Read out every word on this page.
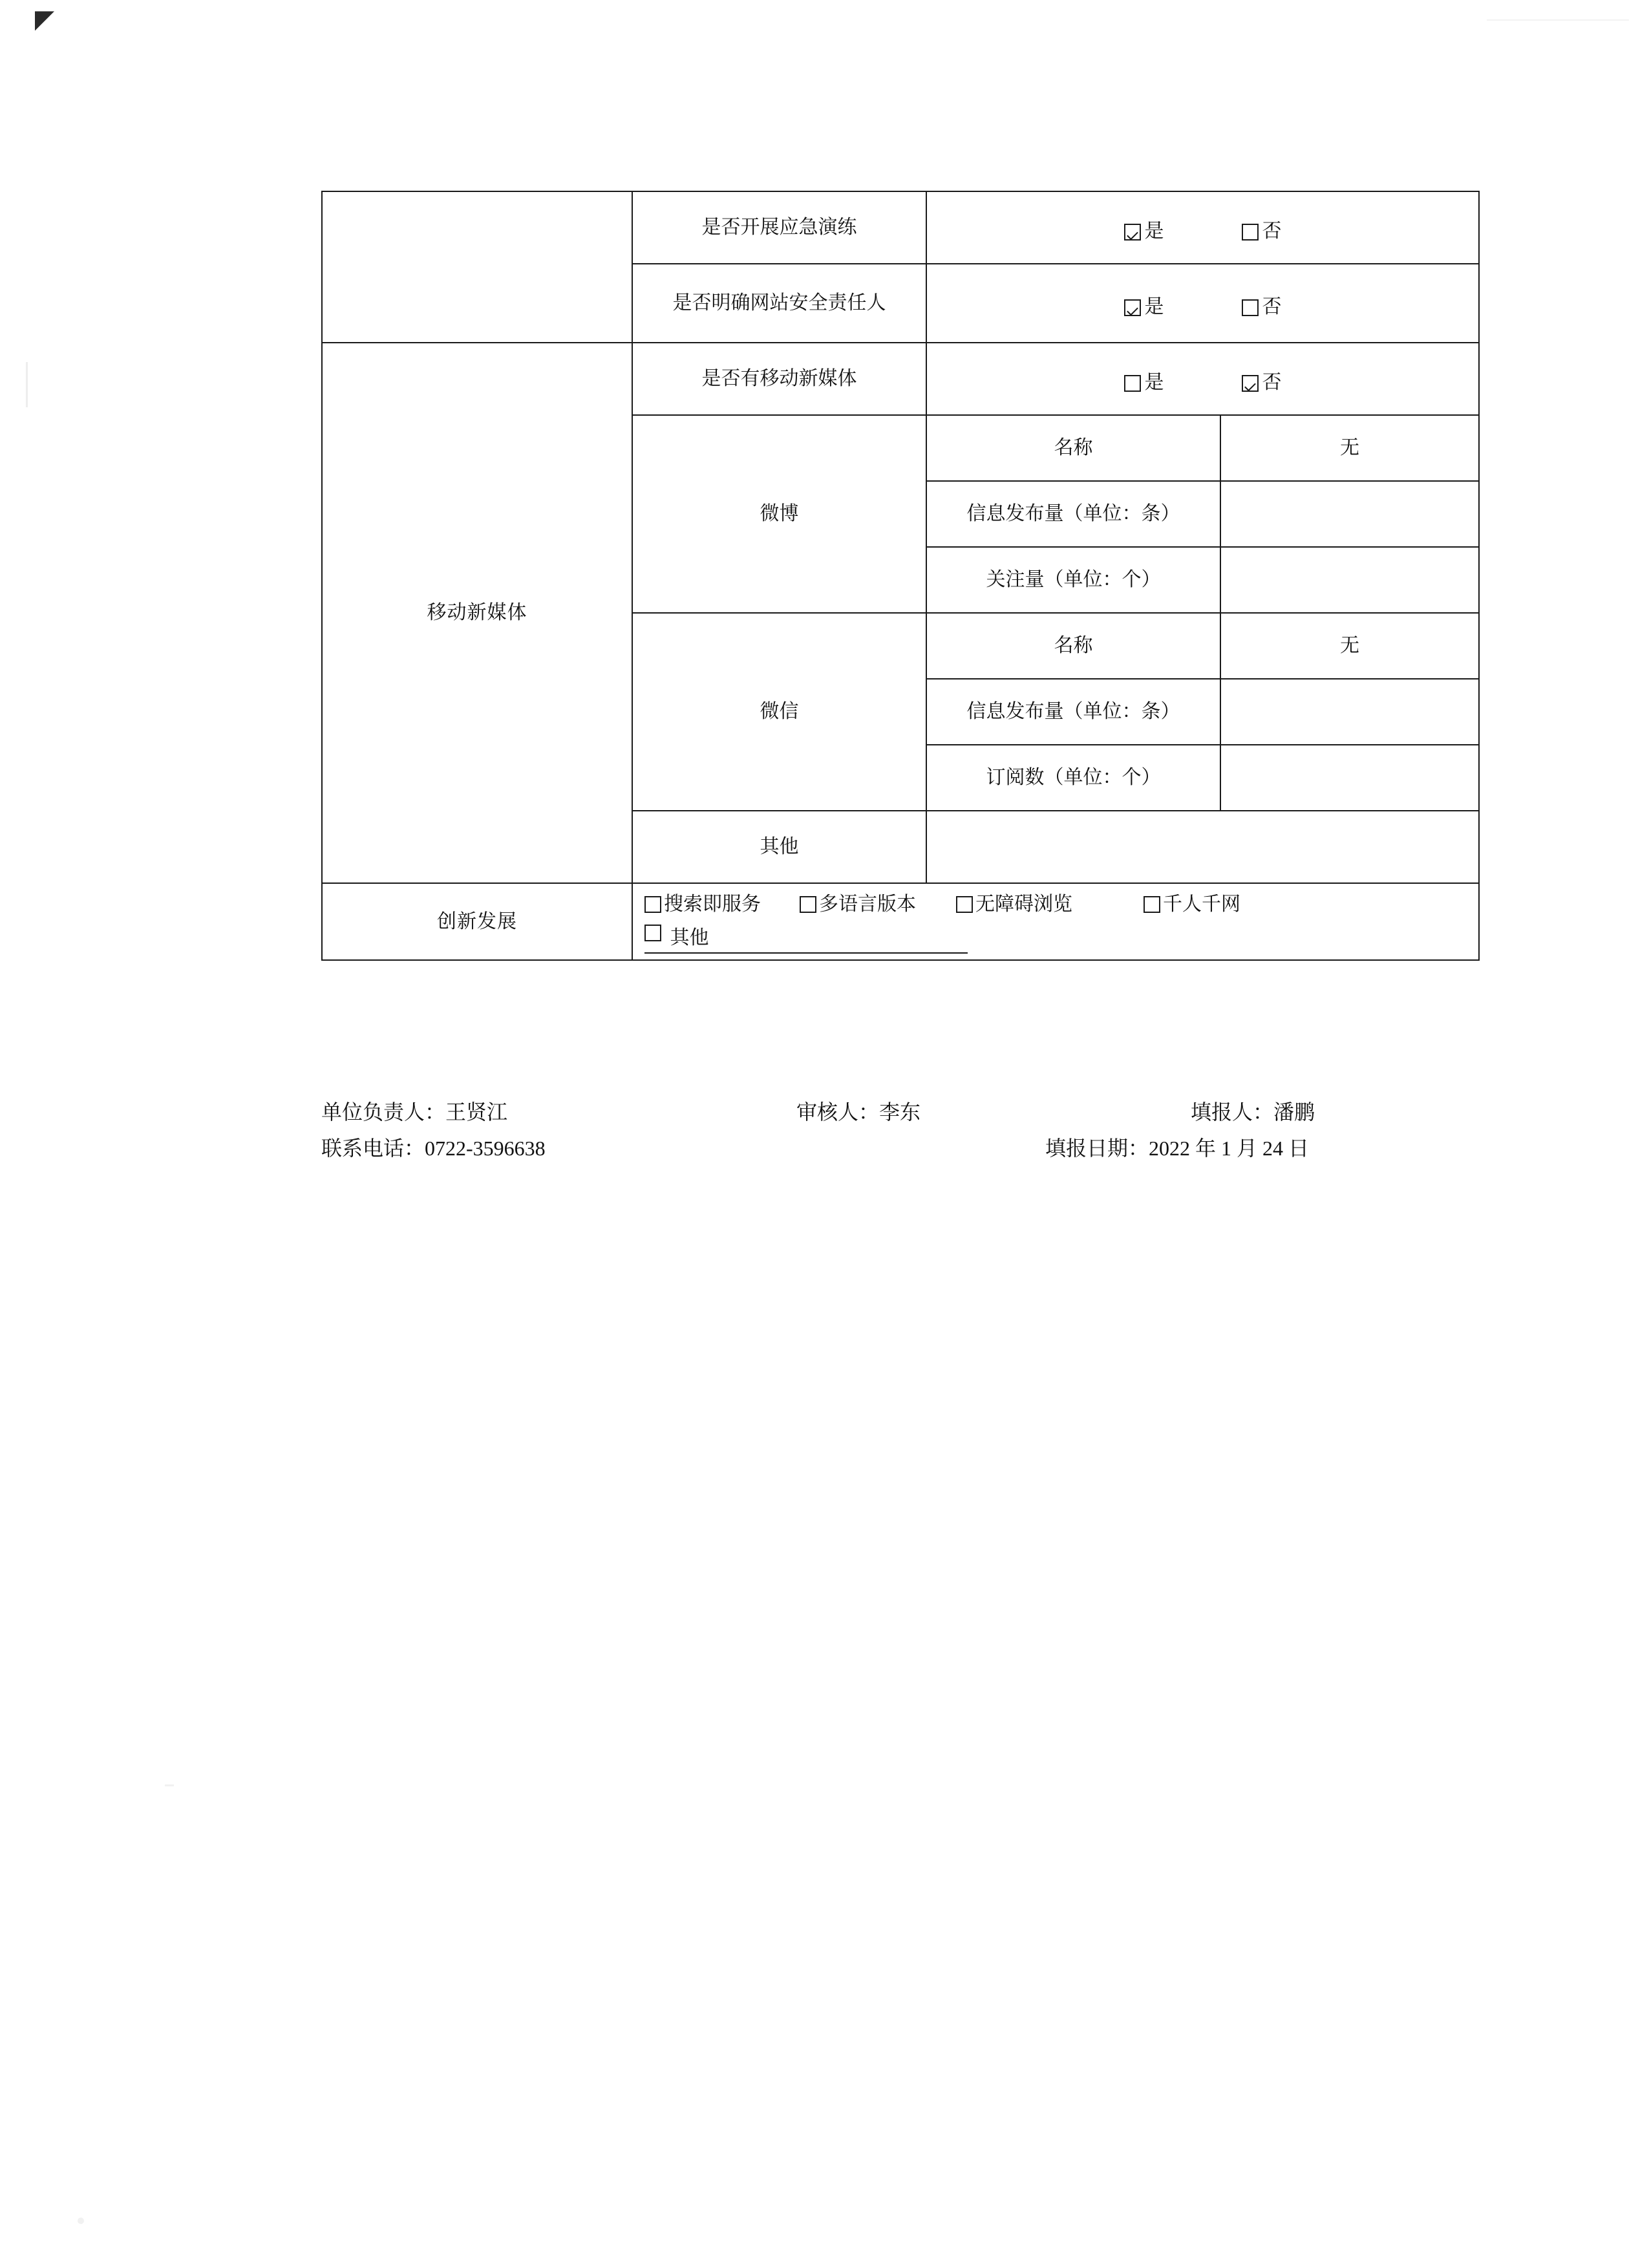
◤
	是否开展应急演练	是 否	

	是否明确网站安全责任人	是 否	

移动新媒体	是否有移动新媒体	是 否	

	微博	名称	无
		信息发布量（单位：条）	
		关注量（单位：个）	
	微信	名称	无
		信息发布量（单位：条）	
		订阅数（单位：个）	
	其他		
创新发展	搜索即服务 多语言版本 无障碍浏览 千人千网
其他		
单位负责人：王贤江	审核人：李东	填报人：潘鹏
联系电话：0722-3596638	填报日期：2022 年 1 月 24 日
